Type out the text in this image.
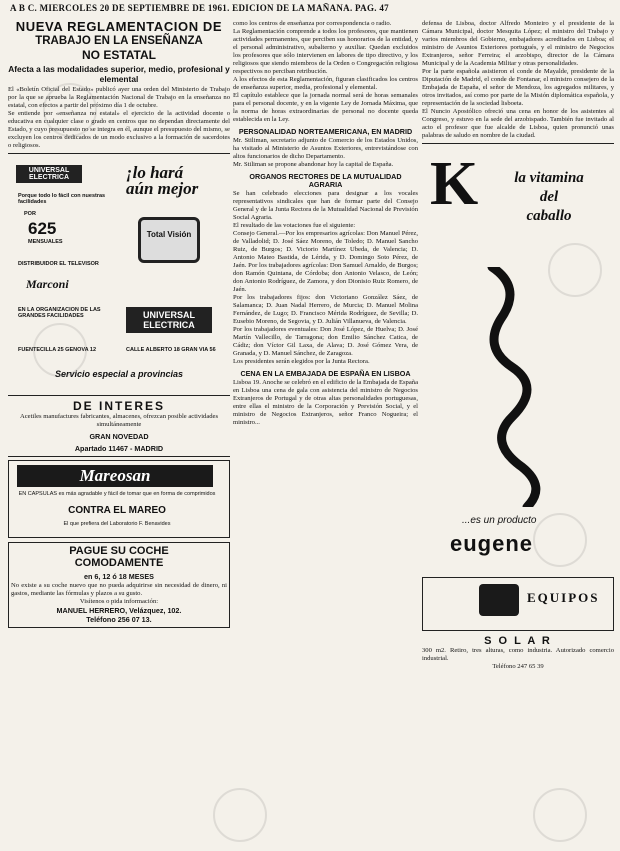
A B C. MIERCOLES 20 DE SEPTIEMBRE DE 1961. EDICION DE LA MAÑANA. PAG. 47

NUEVA REGLAMENTACION DE

TRABAJO EN LA ENSEÑANZA

NO ESTATAL

Afecta a las modalidades superior, medio, profesional y elemental

El «Boletín Oficial del Estado» publicó ayer una orden del Ministerio de Trabajo por la que se aprueba la Reglamentación Nacional de Trabajo en la enseñanza no estatal, con efectos a partir del próximo día 1 de octubre.

Se entiende por «enseñanza no estatal» el ejercicio de la actividad docente o educativa en cualquier clase o grado en centros que no dependan directamente del Estado, y cuyo presupuesto no se integra en él, aunque el presupuesto del mismo, se excluyen los centros dedicados de un modo exclusivo a la formación de sacerdotes o religiosos.

UNIVERSAL ELECTRICA	¡lo hará aún mejor
Porque todo lo fácil con nuestras facilidades
POR
625
MENSUALES
Total Visión
DISTRIBUIDOR EL TELEVISOR
Marconi
EN LA ORGANIZACION DE LAS GRANDES FACILIDADES	UNIVERSAL ELECTRICA
FUENTECILLA 25 GENOVA 12	CALLE ALBERTO 18 GRAN VIA 56
Servicio especial a provincias

DE INTERES

Acetiles manufactures fabricantes, almacenes, ofrezcan posible actividades simultáneamente

GRAN NOVEDAD

Apartado 11467 - MADRID

Mareosan
EN CAPSULAS es más agradable y fácil de tomar que en forma de comprimidos
CONTRA EL MAREO
El que prefiera del Laboratorio F. Benavides

PAGUE SU COCHE

COMODAMENTE

en 6, 12 ó 18 MESES

No existe a su coche nuevo que no pueda adquirirse sin necesidad de dinero, ni gastos, mediante las fórmulas y plazos a su gusto.

Visítenos o pida información:

MANUEL HERRERO, Velázquez, 102.

Teléfono 256 07 13.

como los centros de enseñanza por correspondencia o radio.

La Reglamentación comprende a todos los profesores, que mantienen actividades permanentes, que perciben sus honorarios de la entidad, y el personal administrativo, subalterno y auxiliar. Quedan excluidos los profesores que sólo intervienen en labores de tipo directivo, y los religiosos que siendo miembros de la Orden o Congregación religiosa respectivos no perciban retribución.

A los efectos de esta Reglamentación, figuran clasificados los centros de enseñanza superior, media, profesional y elemental.

El capítulo establece que la jornada normal será de horas semanales para el personal docente, y en la vigente Ley de Jornada Máxima, que la norma de horas extraordinarias de personal no docente queda establecida en la Ley.

PERSONALIDAD NORTEAMERICANA, EN MADRID

Mr. Stiliman, secretario adjunto de Comercio de los Estados Unidos, ha visitado al Ministerio de Asuntos Exteriores, entrevistándose con altos funcionarios de dicho Departamento.

Mr. Stiliman se propone abandonar hoy la capital de España.

ORGANOS RECTORES DE LA MUTUALIDAD AGRARIA

Se han celebrado elecciones para designar a los vocales representativos sindicales que han de formar parte del Consejo General y de la Junta Rectora de la Mutualidad Nacional de Previsión Social Agraria.

El resultado de las votaciones fue el siguiente:

Consejo General.—Por los empresarios agrícolas: Don Manuel Pérez, de Valladolid; D. José Sáez Moreno, de Toledo; D. Manuel Sancho Ruiz, de Burgos; D. Victorio Martínez Ubeda, de Valencia; D. Antonio Mateo Bastida, de Lérida, y D. Domingo Soto Pérez, de Jaén. Por los trabajadores agrícolas: Don Samuel Arnaldo, de Burgos; don Ramón Quintana, de Córdoba; don Antonio Velasco, de León; don Antonio Rodríguez, de Zamora, y don Dionisio Ruiz Romero, de Jaén.

Por los trabajadores fijos: don Victoriano González Sáez, de Salamanca; D. Juan Nadal Herrero, de Murcia; D. Manuel Molina Fernández, de Lugo; D. Francisco Mérida Rodríguez, de Sevilla; D. Eusebio Moreno, de Segovia, y D. Julián Villanueva, de Valencia.

Por los trabajadores eventuales: Don José López, de Huelva; D. José Martín Vallecillo, de Tarragona; don Emilio Sánchez Catica, de Cádiz; don Víctor Gil Laxa, de Alava; D. José Gómez Vera, de Granada, y D. Manuel Sánchez, de Zaragoza.

Los presidentes serán elegidos por la Junta Rectora.

CENA EN LA EMBAJADA DE ESPAÑA EN LISBOA

Lisboa 19. Anoche se celebró en el edificio de la Embajada de España en Lisboa una cena de gala con asistencia del ministro de Negocios Extranjeros de Portugal y de otras altas personalidades portuguesas, entre ellas el ministro de la Corporación y Previsión Social, y el ministro de Negocios Extranjeros, señor Franco Nogueira; el ministro...

defensa de Lisboa, doctor Alfredo Monteiro y el presidente de la Cámara Municipal, doctor Mesquita López; el ministro del Trabajo y varios miembros del Gobierno, embajadores acreditados en Lisboa; el ministro de Asuntos Exteriores portugués, y el ministro de Negocios Extranjeros, señor Ferreira; el arzobispo, director de la Cámara Municipal y de la Academia Militar y otras personalidades.

Por la parte española asistieron el conde de Mayalde, presidente de la Diputación de Madrid, el conde de Fontanar, el ministro consejero de la Embajada de España, el señor de Mendoza, los agregados militares, y otros invitados, así como por parte de la Misión diplomática española, y representación de la sociedad lisboeta.

El Nuncio Apostólico ofreció una cena en honor de los asistentes al Congreso, y estuvo en la sede del arzobispado. También fue invitado al acto el profesor que fue alcalde de Lisboa, quien pronunció unas palabras de saludo en nombre de la ciudad.

K	la vitamina
del
caballo
...es un producto
eugene
EQUIPOS

S O L A R

300 m2. Retiro, tres alturas, como industria. Autorizado comercio industrial.

Teléfono 247 65 39
